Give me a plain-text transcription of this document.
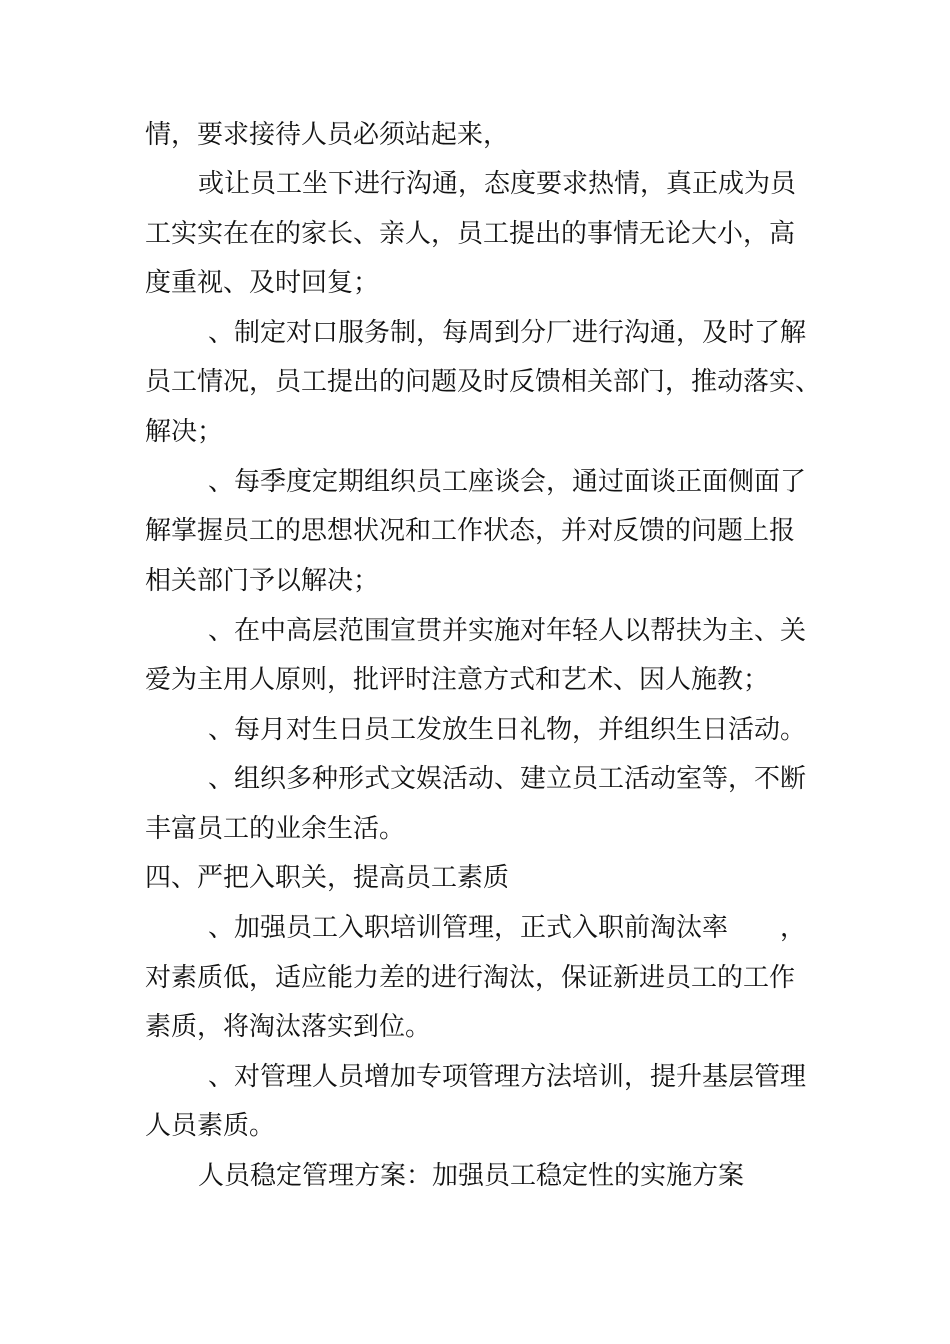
情，要求接待人员必须站起来，
或让员工坐下进行沟通，态度要求热情，真正成为员
工实实在在的家长、亲人，员工提出的事情无论大小，高
度重视、及时回复；
、制定对口服务制，每周到分厂进行沟通，及时了解
员工情况，员工提出的问题及时反馈相关部门，推动落实、
解决；
、每季度定期组织员工座谈会，通过面谈正面侧面了
解掌握员工的思想状况和工作状态，并对反馈的问题上报
相关部门予以解决；
、在中高层范围宣贯并实施对年轻人以帮扶为主、关
爱为主用人原则，批评时注意方式和艺术、因人施教；
、每月对生日员工发放生日礼物，并组织生日活动。
、组织多种形式文娱活动、建立员工活动室等，不断
丰富员工的业余生活。
四、严把入职关，提高员工素质
、加强员工入职培训管理，正式入职前淘汰率　　，
对素质低，适应能力差的进行淘汰，保证新进员工的工作
素质，将淘汰落实到位。
、对管理人员增加专项管理方法培训，提升基层管理
人员素质。
人员稳定管理方案：加强员工稳定性的实施方案
